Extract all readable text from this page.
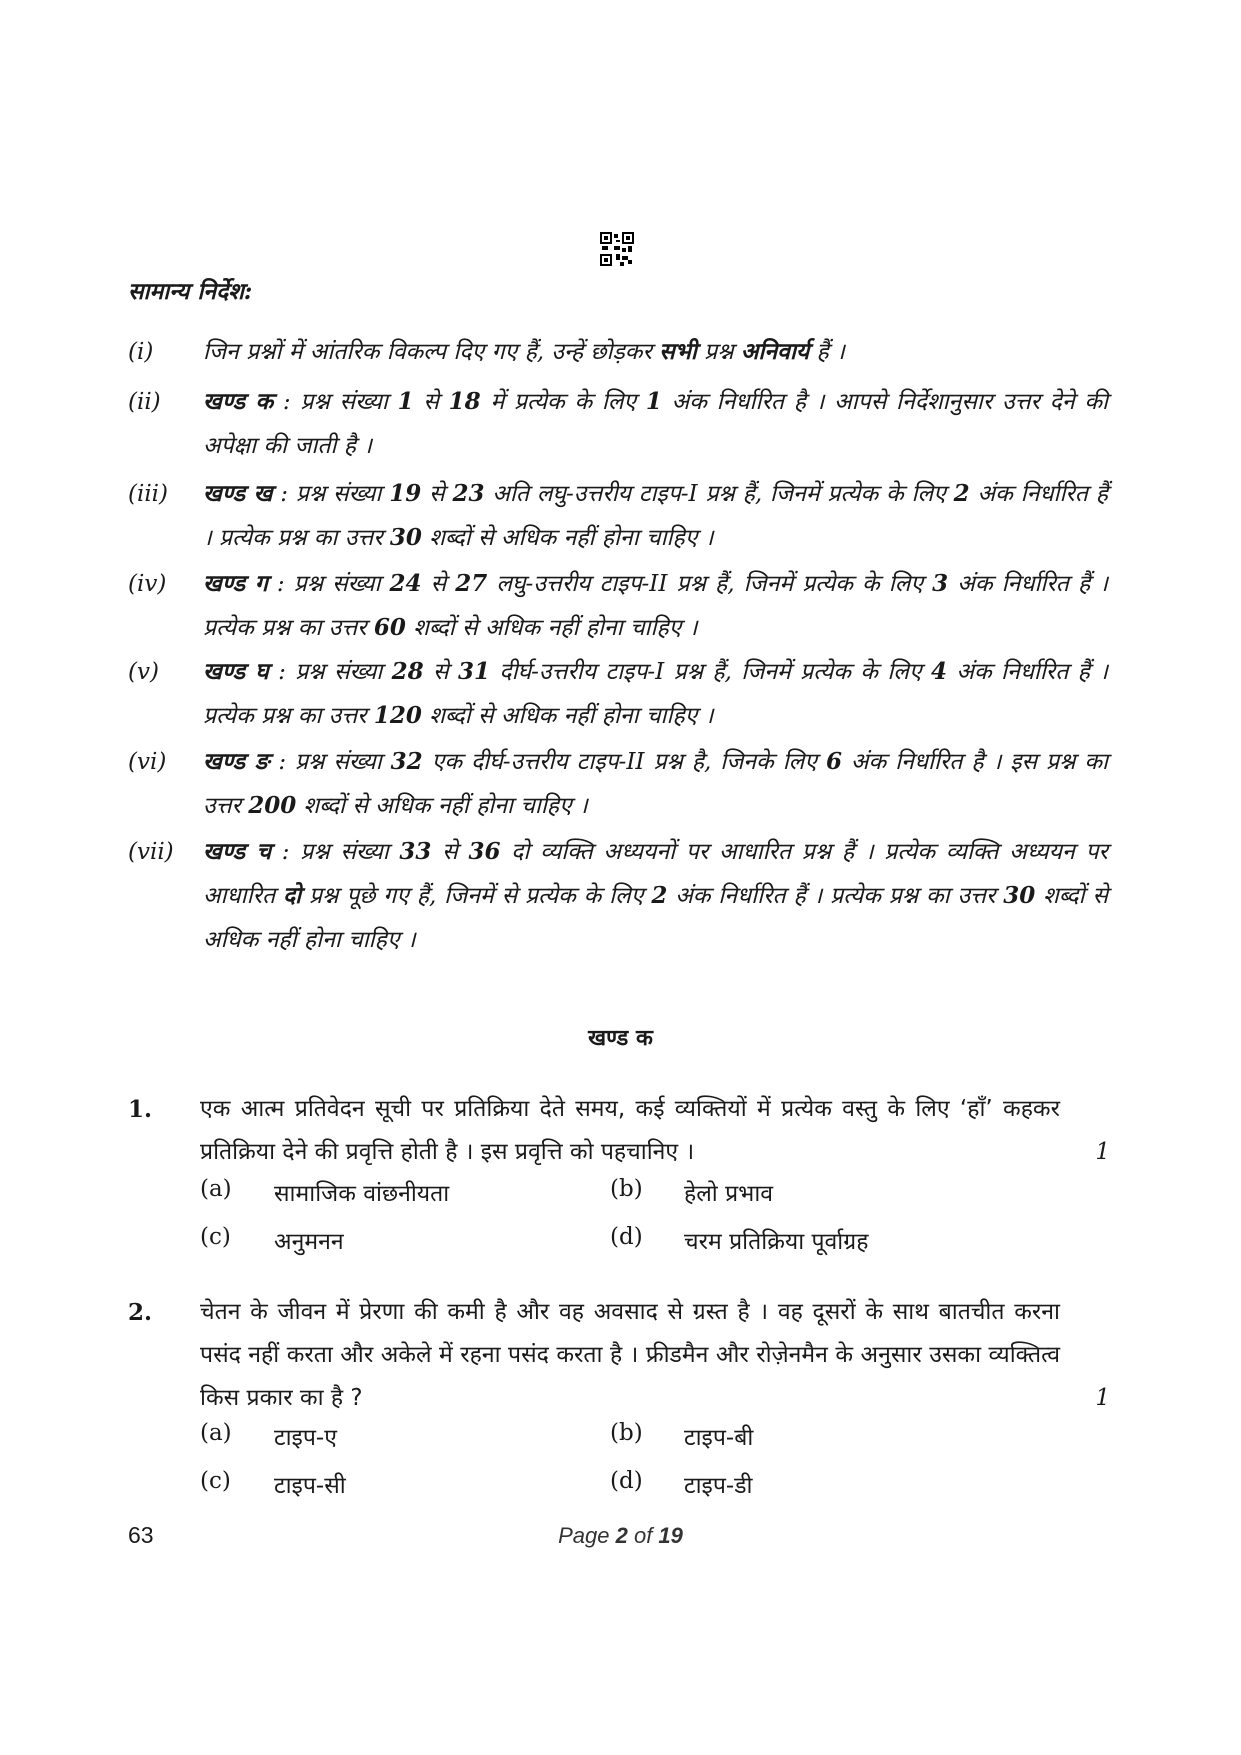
सामान्य निर्देश:
(i)	जिन प्रश्नों में आंतरिक विकल्प दिए गए हैं, उन्हें छोड़कर सभी प्रश्न अनिवार्य हैं ।
(ii)	खण्ड क : प्रश्न संख्या 1 से 18 में प्रत्येक के लिए 1 अंक निर्धारित है । आपसे निर्देशानुसार उत्तर देने की अपेक्षा की जाती है ।
(iii)	खण्ड ख : प्रश्न संख्या 19 से 23 अति लघु-उत्तरीय टाइप-I प्रश्न हैं, जिनमें प्रत्येक के लिए 2 अंक निर्धारित हैं । प्रत्येक प्रश्न का उत्तर 30 शब्दों से अधिक नहीं होना चाहिए ।
(iv)	खण्ड ग : प्रश्न संख्या 24 से 27 लघु-उत्तरीय टाइप-II प्रश्न हैं, जिनमें प्रत्येक के लिए 3 अंक निर्धारित हैं । प्रत्येक प्रश्न का उत्तर 60 शब्दों से अधिक नहीं होना चाहिए ।
(v)	खण्ड घ : प्रश्न संख्या 28 से 31 दीर्घ-उत्तरीय टाइप-I प्रश्न हैं, जिनमें प्रत्येक के लिए 4 अंक निर्धारित हैं । प्रत्येक प्रश्न का उत्तर 120 शब्दों से अधिक नहीं होना चाहिए ।
(vi)	खण्ड ङ : प्रश्न संख्या 32 एक दीर्घ-उत्तरीय टाइप-II प्रश्न है, जिनके लिए 6 अंक निर्धारित है । इस प्रश्न का उत्तर 200 शब्दों से अधिक नहीं होना चाहिए ।
(vii)	खण्ड च : प्रश्न संख्या 33 से 36 दो व्यक्ति अध्ययनों पर आधारित प्रश्न हैं । प्रत्येक व्यक्ति अध्ययन पर आधारित दो प्रश्न पूछे गए हैं, जिनमें से प्रत्येक के लिए 2 अंक निर्धारित हैं । प्रत्येक प्रश्न का उत्तर 30 शब्दों से अधिक नहीं होना चाहिए ।
खण्ड क
1. एक आत्म प्रतिवेदन सूची पर प्रतिक्रिया देते समय, कई व्यक्तियों में प्रत्येक वस्तु के लिए ‘हाँ’ कहकर प्रतिक्रिया देने की प्रवृत्ति होती है । इस प्रवृत्ति को पहचानिए ।	1
(a) सामाजिक वांछनीयता	(b) हेलो प्रभाव
(c) अनुमनन	(d) चरम प्रतिक्रिया पूर्वाग्रह
2. चेतन के जीवन में प्रेरणा की कमी है और वह अवसाद से ग्रस्त है । वह दूसरों के साथ बातचीत करना पसंद नहीं करता और अकेले में रहना पसंद करता है । फ्रीडमैन और रोज़ेनमैन के अनुसार उसका व्यक्तित्व किस प्रकार का है ?	1
(a) टाइप-ए	(b) टाइप-बी
(c) टाइप-सी	(d) टाइप-डी
63	Page 2 of 19
